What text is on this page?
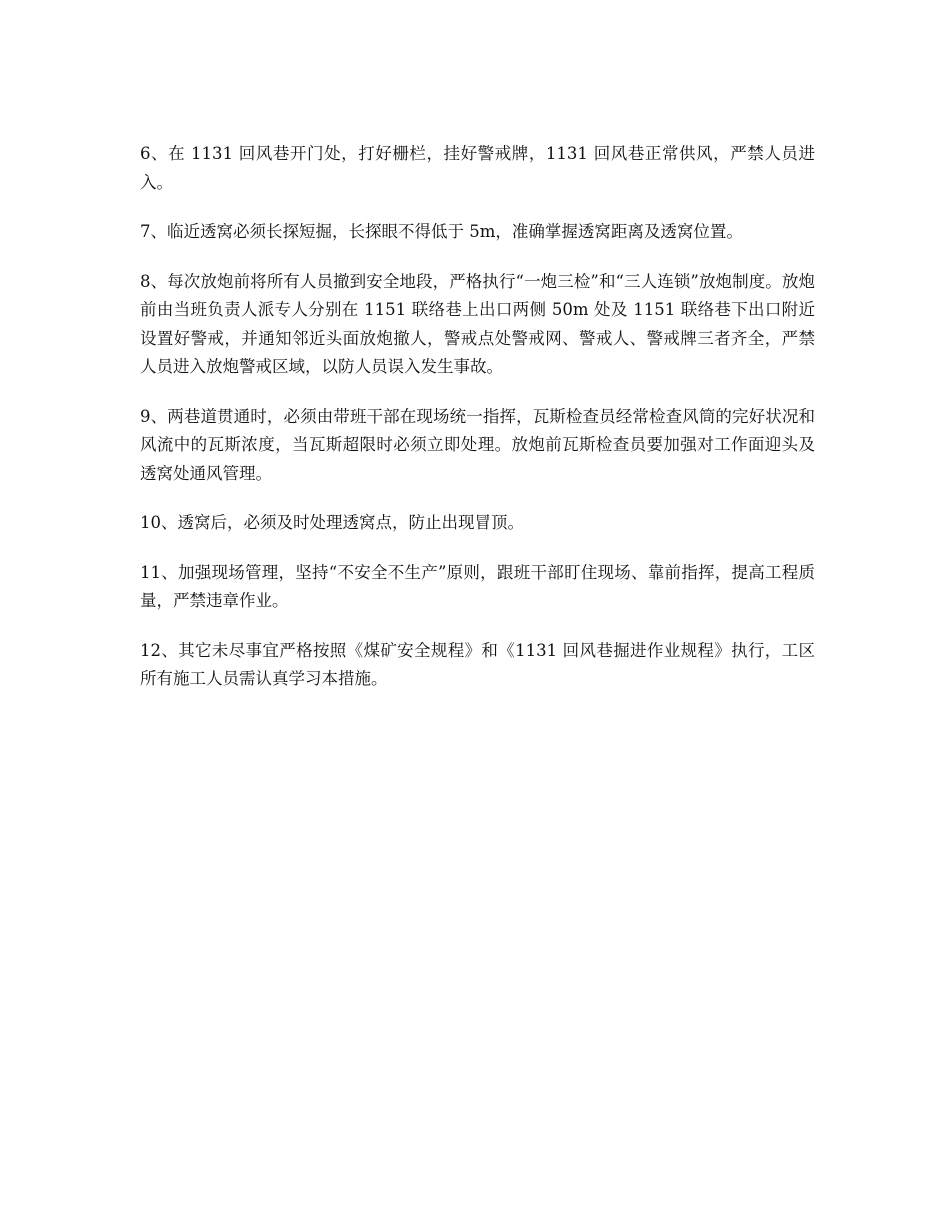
6、在 1131 回风巷开门处，打好栅栏，挂好警戒牌，1131 回风巷正常供风，严禁人员进入。

7、临近透窝必须长探短掘，长探眼不得低于 5m，准确掌握透窝距离及透窝位置。

8、每次放炮前将所有人员撤到安全地段，严格执行“一炮三检”和“三人连锁”放炮制度。放炮前由当班负责人派专人分别在 1151 联络巷上出口两侧 50m 处及 1151 联络巷下出口附近设置好警戒，并通知邻近头面放炮撤人，警戒点处警戒网、警戒人、警戒牌三者齐全，严禁人员进入放炮警戒区域，以防人员误入发生事故。

9、两巷道贯通时，必须由带班干部在现场统一指挥，瓦斯检查员经常检查风筒的完好状况和风流中的瓦斯浓度，当瓦斯超限时必须立即处理。放炮前瓦斯检查员要加强对工作面迎头及透窝处通风管理。

10、透窝后，必须及时处理透窝点，防止出现冒顶。

11、加强现场管理，坚持“不安全不生产”原则，跟班干部盯住现场、靠前指挥，提高工程质量，严禁违章作业。

12、其它未尽事宜严格按照《煤矿安全规程》和《1131 回风巷掘进作业规程》执行，工区所有施工人员需认真学习本措施。
